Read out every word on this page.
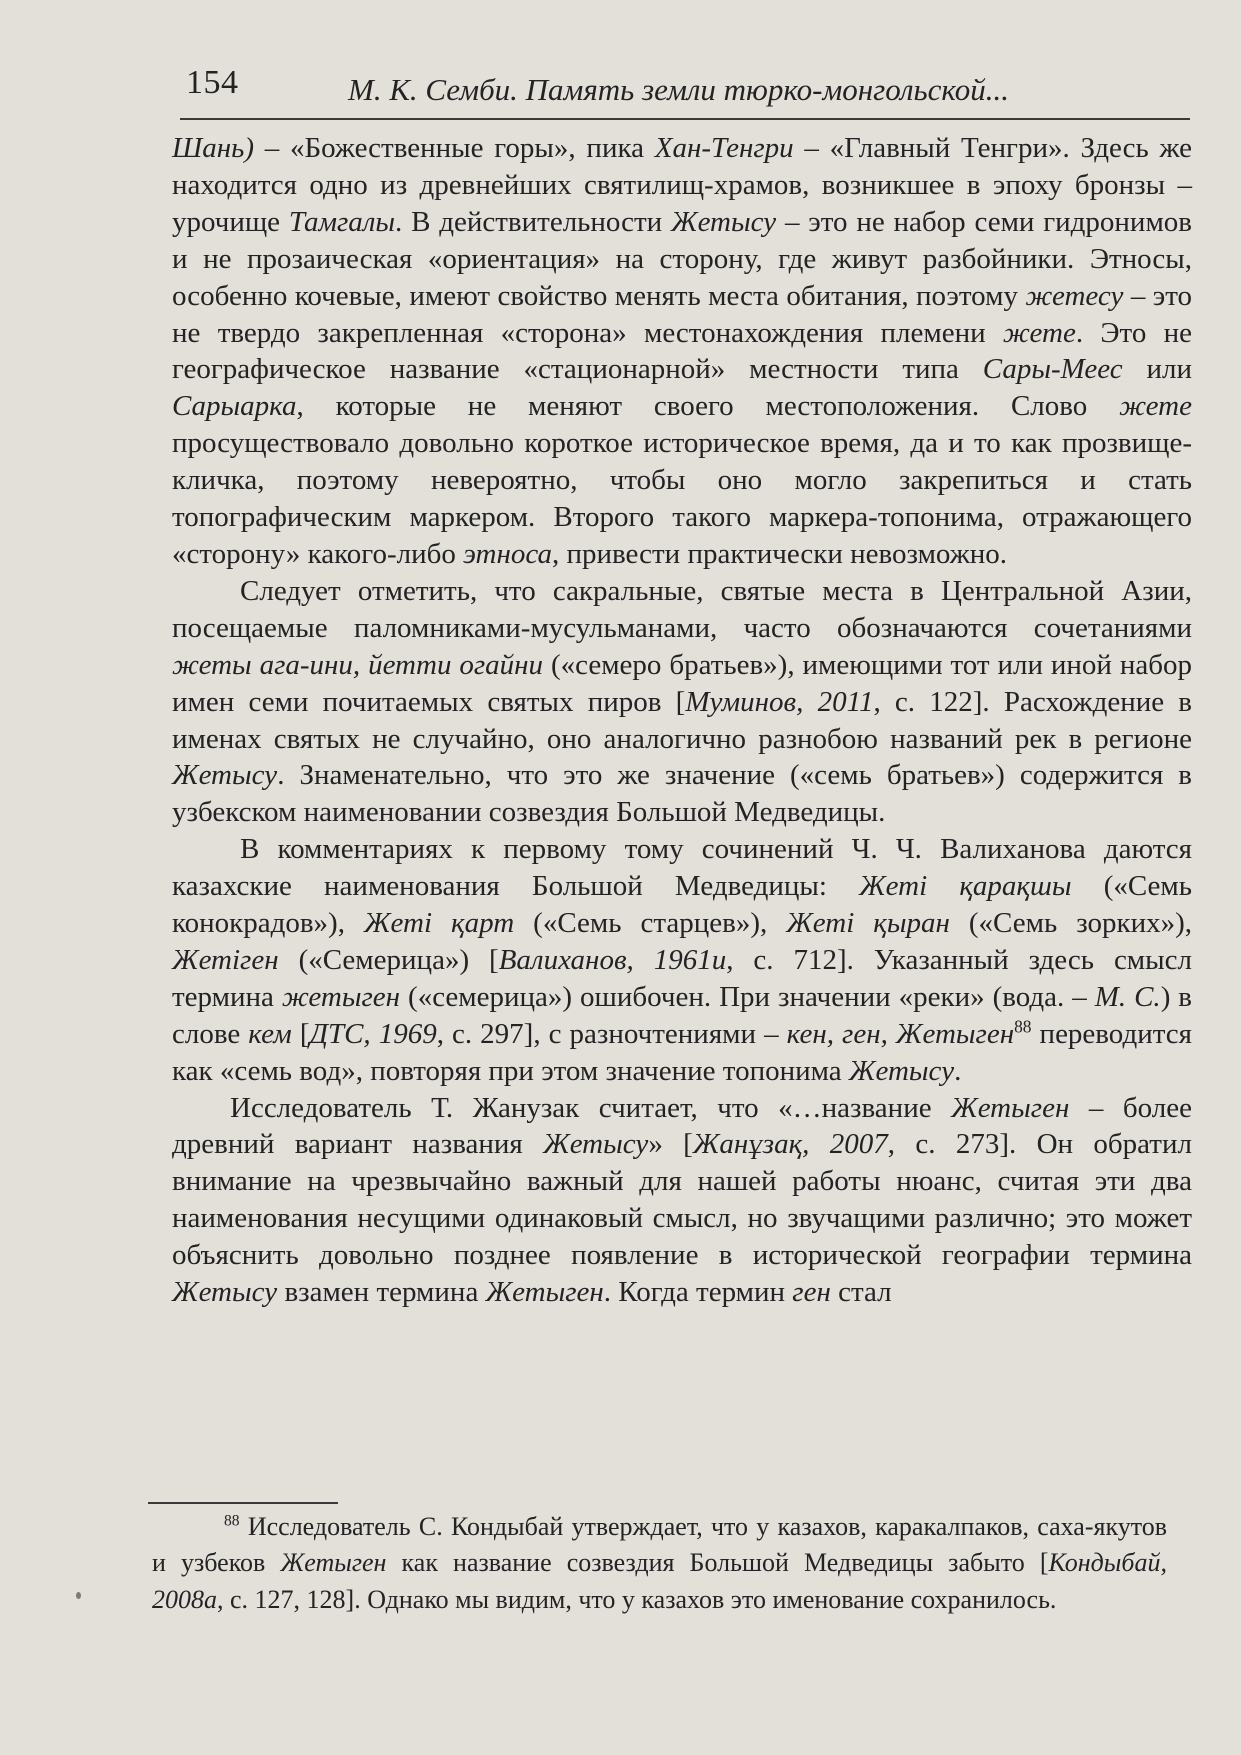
154	М. К. Семби. Память земли тюрко-монгольской...

Шань) – «Божественные горы», пика Хан-Тенгри – «Главный Тенгри». Здесь же находится одно из древнейших святилищ-храмов, возникшее в эпоху бронзы – урочище Тамгалы. В действительности Жетысу – это не набор семи гидронимов и не прозаическая «ориентация» на сторону, где живут разбойники. Этносы, особенно кочевые, имеют свойство менять места обитания, поэтому жетесу – это не твердо закрепленная «сторона» местонахождения племени жете. Это не географическое название «стационарной» местности типа Сары-Меес или Сарыарка, которые не меняют своего местоположения. Слово жете просуществовало довольно короткое историческое время, да и то как прозвище-кличка, поэтому невероятно, чтобы оно могло закрепиться и стать топографическим маркером. Второго такого маркера-топонима, отражающего «сторону» какого-либо этноса, привести практически невозможно.

Следует отметить, что сакральные, святые места в Центральной Азии, посещаемые паломниками-мусульманами, часто обозначаются сочетаниями жеты ага-ини, йетти огайни («семеро братьев»), имеющими тот или иной набор имен семи почитаемых святых пиров [Муминов, 2011, с. 122]. Расхождение в именах святых не случайно, оно аналогично разнобою названий рек в регионе Жетысу. Знаменательно, что это же значение («семь братьев») содержится в узбекском наименовании созвездия Большой Медведицы.

В комментариях к первому тому сочинений Ч. Ч. Валиханова даются казахские наименования Большой Медведицы: Жеті қарақшы («Семь конокрадов»), Жеті қарт («Семь старцев»), Жеті қыран («Семь зорких»), Жетіген («Семерица») [Валиханов, 1961и, с. 712]. Указанный здесь смысл термина жетыген («семерица») ошибочен. При значении «реки» (вода. – М. С.) в слове кем [ДТС, 1969, с. 297], с разночтениями – кен, ген, Жетыген$^{88}$ переводится как «семь вод», повторяя при этом значение топонима Жетысу.

Исследователь Т. Жанузак считает, что «…название Жетыген – более древний вариант названия Жетысу» [Жанұзақ, 2007, с. 273]. Он обратил внимание на чрезвычайно важный для нашей работы нюанс, считая эти два наименования несущими одинаковый смысл, но звучащими различно; это может объяснить довольно позднее появление в исторической географии термина Жетысу взамен термина Жетыген. Когда термин ген стал

$^{88}$ Исследователь С. Кондыбай утверждает, что у казахов, каракалпаков, саха-якутов и узбеков Жетыген как название созвездия Большой Медведицы забыто [Кондыбай, 2008а, с. 127, 128]. Однако мы видим, что у казахов это именование сохранилось.
